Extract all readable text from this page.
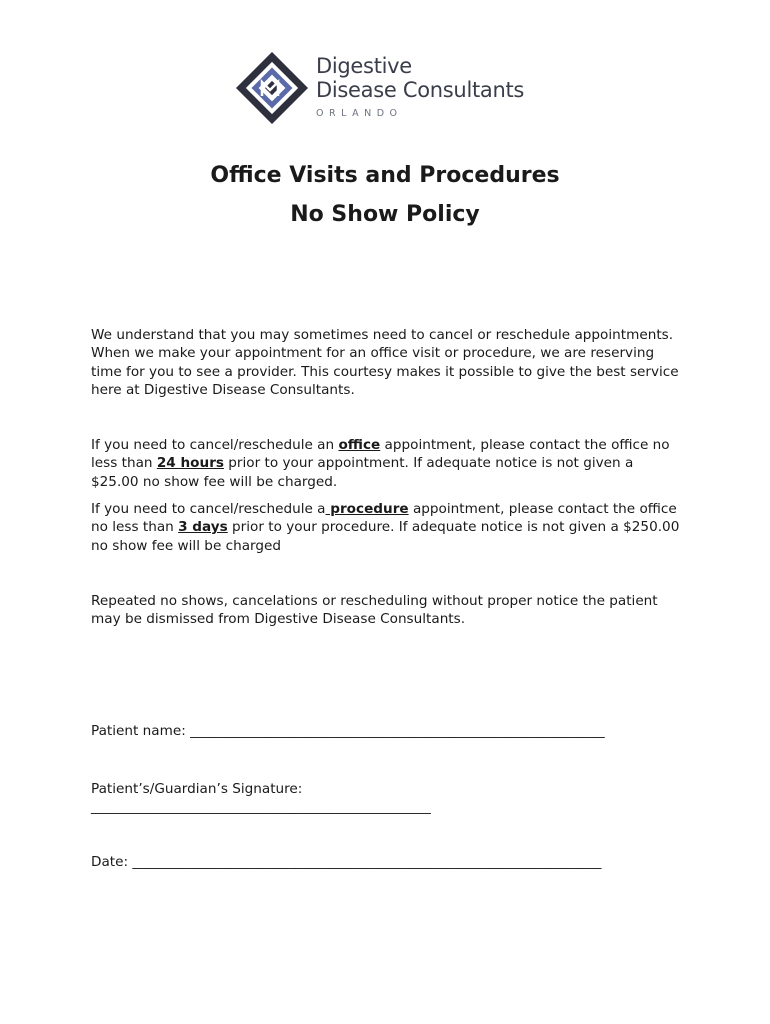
Digestive
Disease Consultants
ORLANDO
Office Visits and Procedures
No Show Policy
We understand that you may sometimes need to cancel or reschedule appointments. When we make your appointment for an office visit or procedure, we are reserving time for you to see a provider. This courtesy makes it possible to give the best service here at Digestive Disease Consultants.
If you need to cancel/reschedule an office appointment, please contact the office no less than 24 hours prior to your appointment. If adequate notice is not given a $25.00 no show fee will be charged.
If you need to cancel/reschedule a procedure appointment, please contact the office no less than 3 days prior to your procedure. If adequate notice is not given a $250.00 no show fee will be charged
Repeated no shows, cancelations or rescheduling without proper notice the patient may be dismissed from Digestive Disease Consultants.
Patient name: _____________________________________________________________
Patient’s/Guardian’s Signature:
__________________________________________________
Date: _____________________________________________________________________
